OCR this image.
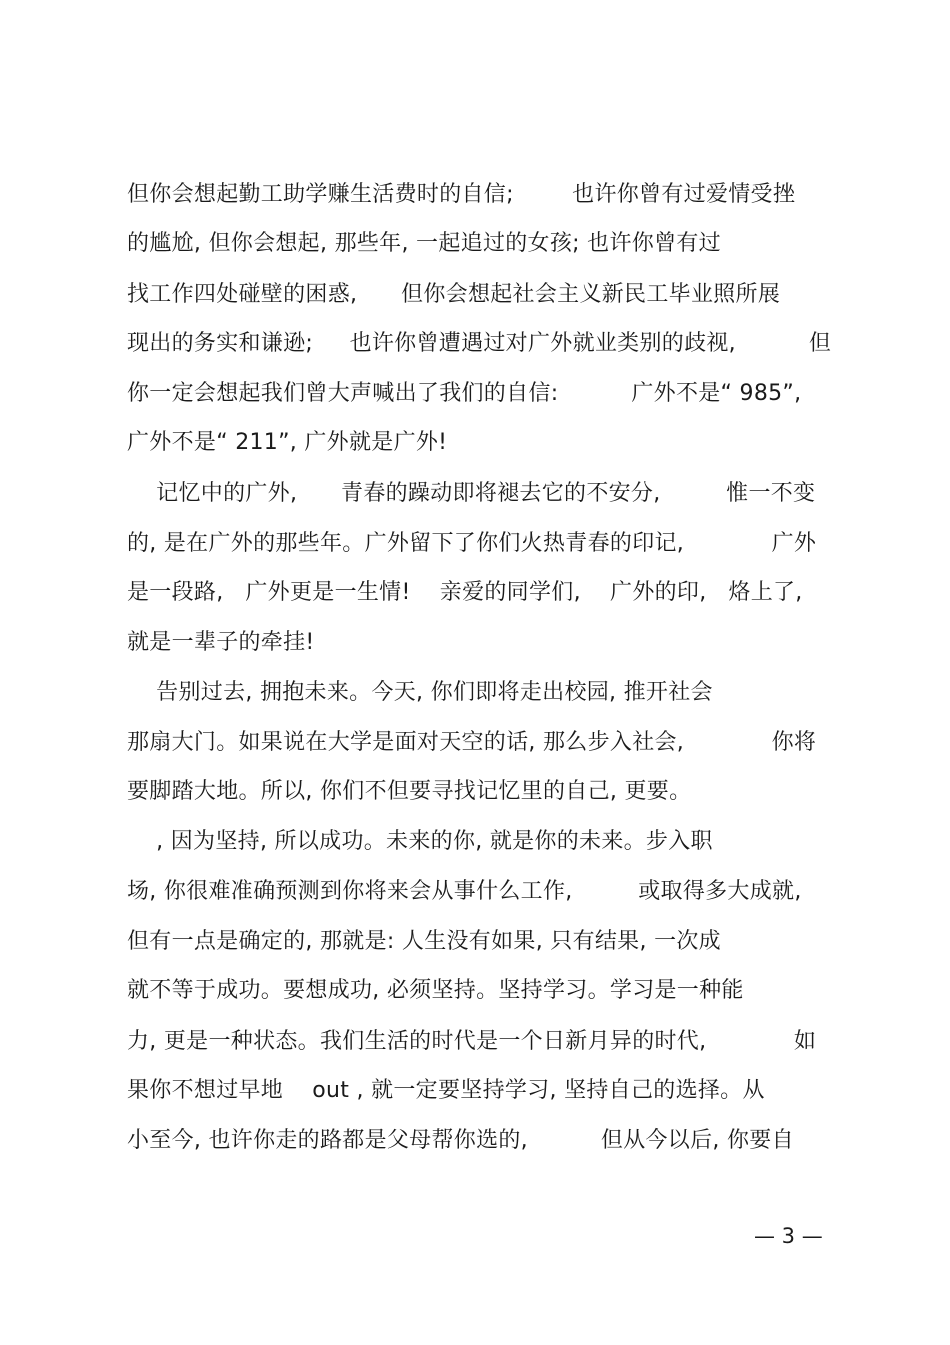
但你会想起勤工助学赚生活费时的自信;        也许你曾有过爱情受挫
的尴尬, 但你会想起, 那些年, 一起追过的女孩; 也许你曾有过
找工作四处碰壁的困惑,      但你会想起社会主义新民工毕业照所展
现出的务实和谦逊;     也许你曾遭遇过对广外就业类别的歧视,          但
你一定会想起我们曾大声喊出了我们的自信:          广外不是“ 985”,
广外不是“ 211”, 广外就是广外!
记忆中的广外,      青春的躁动即将褪去它的不安分,         惟一不变
的, 是在广外的那些年。广外留下了你们火热青春的印记,            广外
是一段路,   广外更是一生情!    亲爱的同学们,    广外的印,   烙上了,
就是一辈子的牵挂!
告别过去, 拥抱未来。今天, 你们即将走出校园, 推开社会
那扇大门。如果说在大学是面对天空的话, 那么步入社会,            你将
要脚踏大地。所以, 你们不但要寻找记忆里的自己, 更要。
, 因为坚持, 所以成功。未来的你, 就是你的未来。步入职
场, 你很难准确预测到你将来会从事什么工作,         或取得多大成就,
但有一点是确定的, 那就是: 人生没有如果, 只有结果, 一次成
就不等于成功。要想成功, 必须坚持。坚持学习。学习是一种能
力, 更是一种状态。我们生活的时代是一个日新月异的时代,            如
果你不想过早地    out , 就一定要坚持学习, 坚持自己的选择。从
小至今, 也许你走的路都是父母帮你选的,          但从今以后, 你要自
— 3 —
